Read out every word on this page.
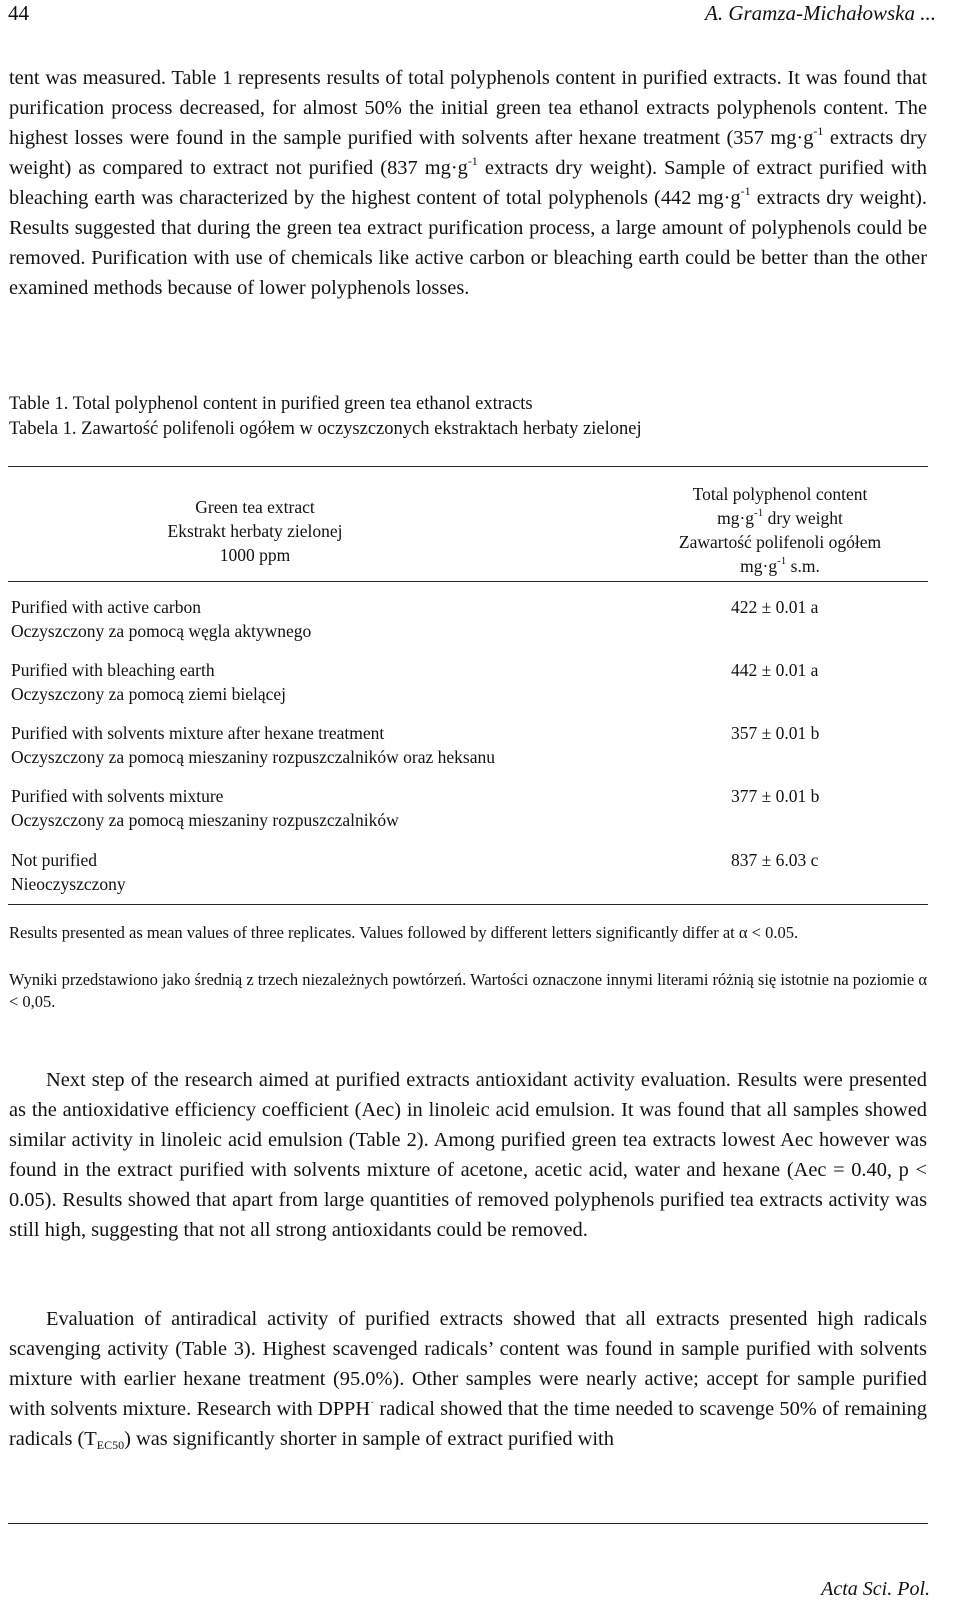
44	A. Gramza-Michałowska ...
tent was measured. Table 1 represents results of total polyphenols content in purified extracts. It was found that purification process decreased, for almost 50% the initial green tea ethanol extracts polyphenols content. The highest losses were found in the sample purified with solvents after hexane treatment (357 $mg\cdot g^{-1}$ extracts dry weight) as compared to extract not purified (837 $mg\cdot g^{-1}$ extracts dry weight). Sample of extract purified with bleaching earth was characterized by the highest content of total polyphenols (442 $mg\cdot g^{-1}$ extracts dry weight). Results suggested that during the green tea extract purification process, a large amount of polyphenols could be removed. Purification with use of chemicals like active carbon or bleaching earth could be better than the other examined methods because of lower polyphenols losses.
Table 1. Total polyphenol content in purified green tea ethanol extracts
Tabela 1. Zawartość polifenoli ogółem w oczyszczonych ekstraktach herbaty zielonej
Green tea extract
Ekstrakt herbaty zielonej
1000 ppm
Total polyphenol content
$mg\cdot g^{-1}$ dry weight
Zawartość polifenoli ogółem
$mg\cdot g^{-1}$ s.m.
Purified with active carbon
Oczyszczony za pomocą węgla aktywnego
422 ± 0.01 a
Purified with bleaching earth
Oczyszczony za pomocą ziemi bielącej
442 ± 0.01 a
Purified with solvents mixture after hexane treatment
Oczyszczony za pomocą mieszaniny rozpuszczalników oraz heksanu
357 ± 0.01 b
Purified with solvents mixture
Oczyszczony za pomocą mieszaniny rozpuszczalników
377 ± 0.01 b
Not purified
Nieoczyszczony
837 ± 6.03 c
Results presented as mean values of three replicates. Values followed by different letters significantly differ at α < 0.05.
Wyniki przedstawiono jako średnią z trzech niezależnych powtórzeń. Wartości oznaczone innymi literami różnią się istotnie na poziomie α < 0,05.
Next step of the research aimed at purified extracts antioxidant activity evaluation. Results were presented as the antioxidative efficiency coefficient (Aec) in linoleic acid emulsion. It was found that all samples showed similar activity in linoleic acid emulsion (Table 2). Among purified green tea extracts lowest Aec however was found in the extract purified with solvents mixture of acetone, acetic acid, water and hexane (Aec = 0.40, p < 0.05). Results showed that apart from large quantities of removed polyphenols purified tea extracts activity was still high, suggesting that not all strong antioxidants could be removed.
Evaluation of antiradical activity of purified extracts showed that all extracts presented high radicals scavenging activity (Table 3). Highest scavenged radicals’ content was found in sample purified with solvents mixture with earlier hexane treatment (95.0%). Other samples were nearly active; accept for sample purified with solvents mixture. Research with DPPH· radical showed that the time needed to scavenge 50% of remaining radicals $(T_{EC50})$ was significantly shorter in sample of extract purified with
Acta Sci. Pol.
